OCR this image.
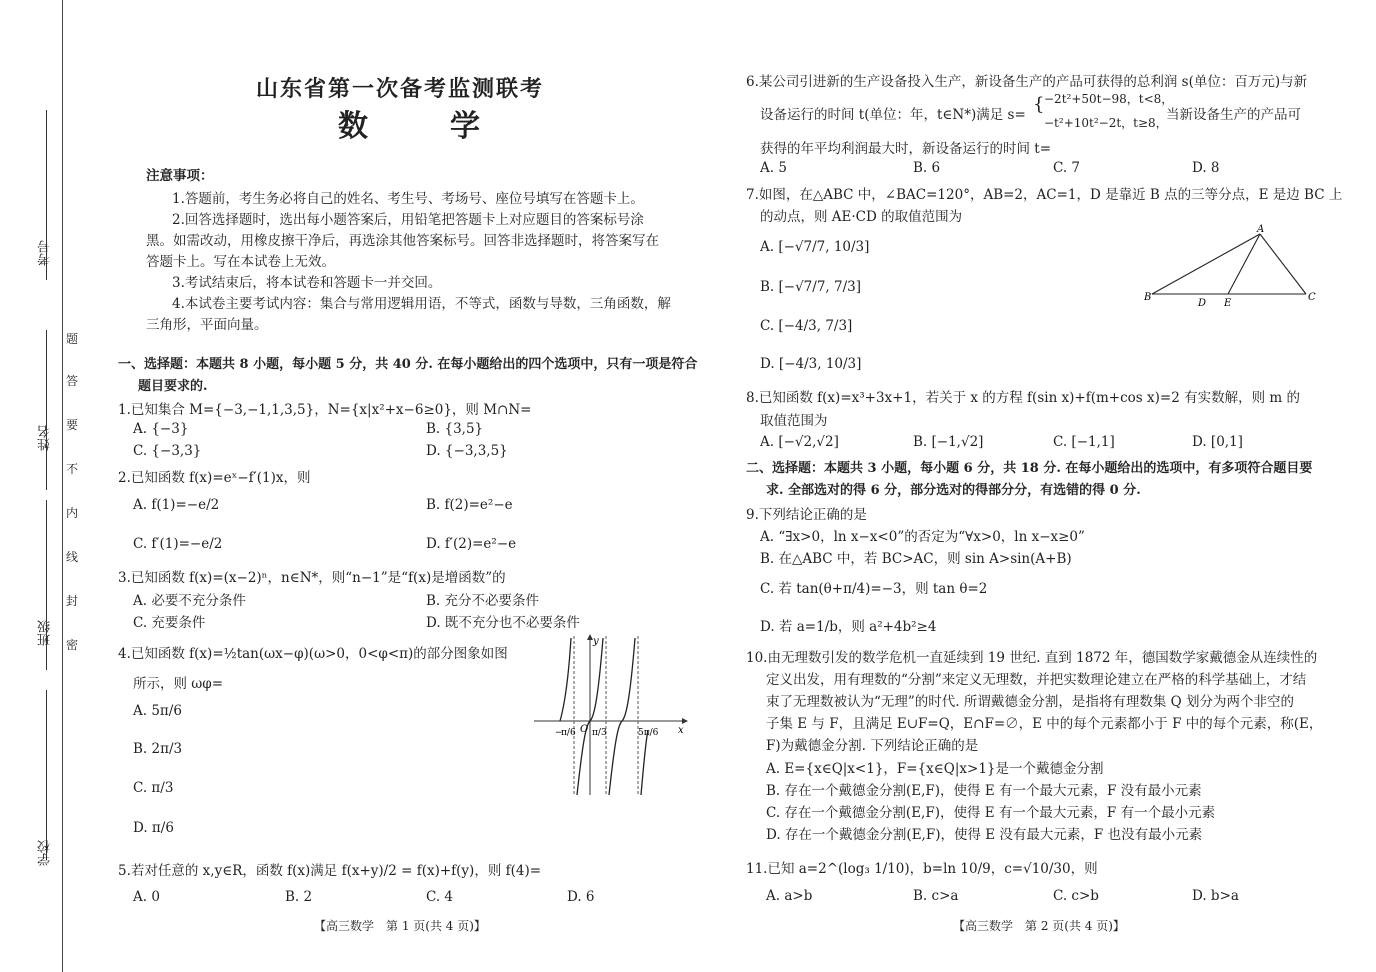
考号
姓名
班级
学校
题
答
要
不
内
线
封
密
山东省第一次备考监测联考
数　学
注意事项：
1.答题前，考生务必将自己的姓名、考生号、考场号、座位号填写在答题卡上。
2.回答选择题时，选出每小题答案后，用铅笔把答题卡上对应题目的答案标号涂
黑。如需改动，用橡皮擦干净后，再选涂其他答案标号。回答非选择题时，将答案写在
答题卡上。写在本试卷上无效。
3.考试结束后，将本试卷和答题卡一并交回。
4.本试卷主要考试内容：集合与常用逻辑用语，不等式，函数与导数，三角函数，解
三角形，平面向量。
一、选择题：本题共 8 小题，每小题 5 分，共 40 分. 在每小题给出的四个选项中，只有一项是符合
题目要求的.
1.已知集合 M={−3,−1,1,3,5}，N={x|x²+x−6≥0}，则 M∩N=
A. {−3}	B. {3,5}
C. {−3,3}	D. {−3,3,5}
2.已知函数 f(x)=eˣ−f′(1)x，则
A. f(1)=−e/2	B. f(2)=e²−e
C. f′(1)=−e/2	D. f′(2)=e²−e
3.已知函数 f(x)=(x−2)ⁿ，n∈N*，则“n−1”是“f(x)是增函数”的
A. 必要不充分条件	B. 充分不必要条件
C. 充要条件	D. 既不充分也不必要条件
4.已知函数 f(x)=½tan(ωx−φ)(ω>0，0<φ<π)的部分图象如图
所示，则 ωφ=
A. 5π/6
B. 2π/3
C. π/3
D. π/6
y
x
O
−
π/6 π/3	5π/6
5.若对任意的 x,y∈R，函数 f(x)满足 f(x+y)/2 = f(x)+f(y)，则 f(4)=
A. 0	B. 2	C. 4	D. 6
【高三数学　第 1 页(共 4 页)】
6.某公司引进新的生产设备投入生产，新设备生产的产品可获得的总利润 s(单位：百万元)与新
设备运行的时间 t(单位：年，t∈N*)满足 s= { −2t²+50t−98，t<8，
−t²+10t²−2t，t≥8，
当新设备生产的产品可
获得的年平均利润最大时，新设备运行的时间 t=
A. 5	B. 6	C. 7	D. 8
7.如图，在△ABC 中，∠BAC=120°，AB=2，AC=1，D 是靠近 B 点的三等分点，E 是边 BC 上
的动点，则 AE·CD 的取值范围为
A. [−√7/7, 10/3]
B. [−√7/7, 7/3]
C. [−4/3, 7/3]
D. [−4/3, 10/3]
A
B	C
D E
8.已知函数 f(x)=x³+3x+1，若关于 x 的方程 f(sin x)+f(m+cos x)=2 有实数解，则 m 的
取值范围为
A. [−√2,√2]	B. [−1,√2]	C. [−1,1]	D. [0,1]
二、选择题：本题共 3 小题，每小题 6 分，共 18 分. 在每小题给出的选项中，有多项符合题目要
求. 全部选对的得 6 分，部分选对的得部分分，有选错的得 0 分.
9.下列结论正确的是
A. “∃x>0，ln x−x<0”的否定为“∀x>0，ln x−x≥0”
B. 在△ABC 中，若 BC>AC，则 sin A>sin(A+B)
C. 若 tan(θ+π/4)=−3，则 tan θ=2
D. 若 a=1/b，则 a²+4b²≥4
10.由无理数引发的数学危机一直延续到 19 世纪. 直到 1872 年，德国数学家戴德金从连续性的
定义出发，用有理数的“分割”来定义无理数，并把实数理论建立在严格的科学基础上，才结
束了无理数被认为“无理”的时代. 所谓戴德金分割，是指将有理数集 Q 划分为两个非空的
子集 E 与 F，且满足 E∪F=Q，E∩F=∅，E 中的每个元素都小于 F 中的每个元素，称(E，
F)为戴德金分割. 下列结论正确的是
A. E={x∈Q|x<1}，F={x∈Q|x>1}是一个戴德金分割
B. 存在一个戴德金分割(E,F)，使得 E 有一个最大元素，F 没有最小元素
C. 存在一个戴德金分割(E,F)，使得 E 有一个最大元素，F 有一个最小元素
D. 存在一个戴德金分割(E,F)，使得 E 没有最大元素，F 也没有最小元素
11.已知 a=2^(log₃ 1/10)，b=ln 10/9，c=√10/30，则
A. a>b	B. c>a	C. c>b	D. b>a
【高三数学　第 2 页(共 4 页)】
